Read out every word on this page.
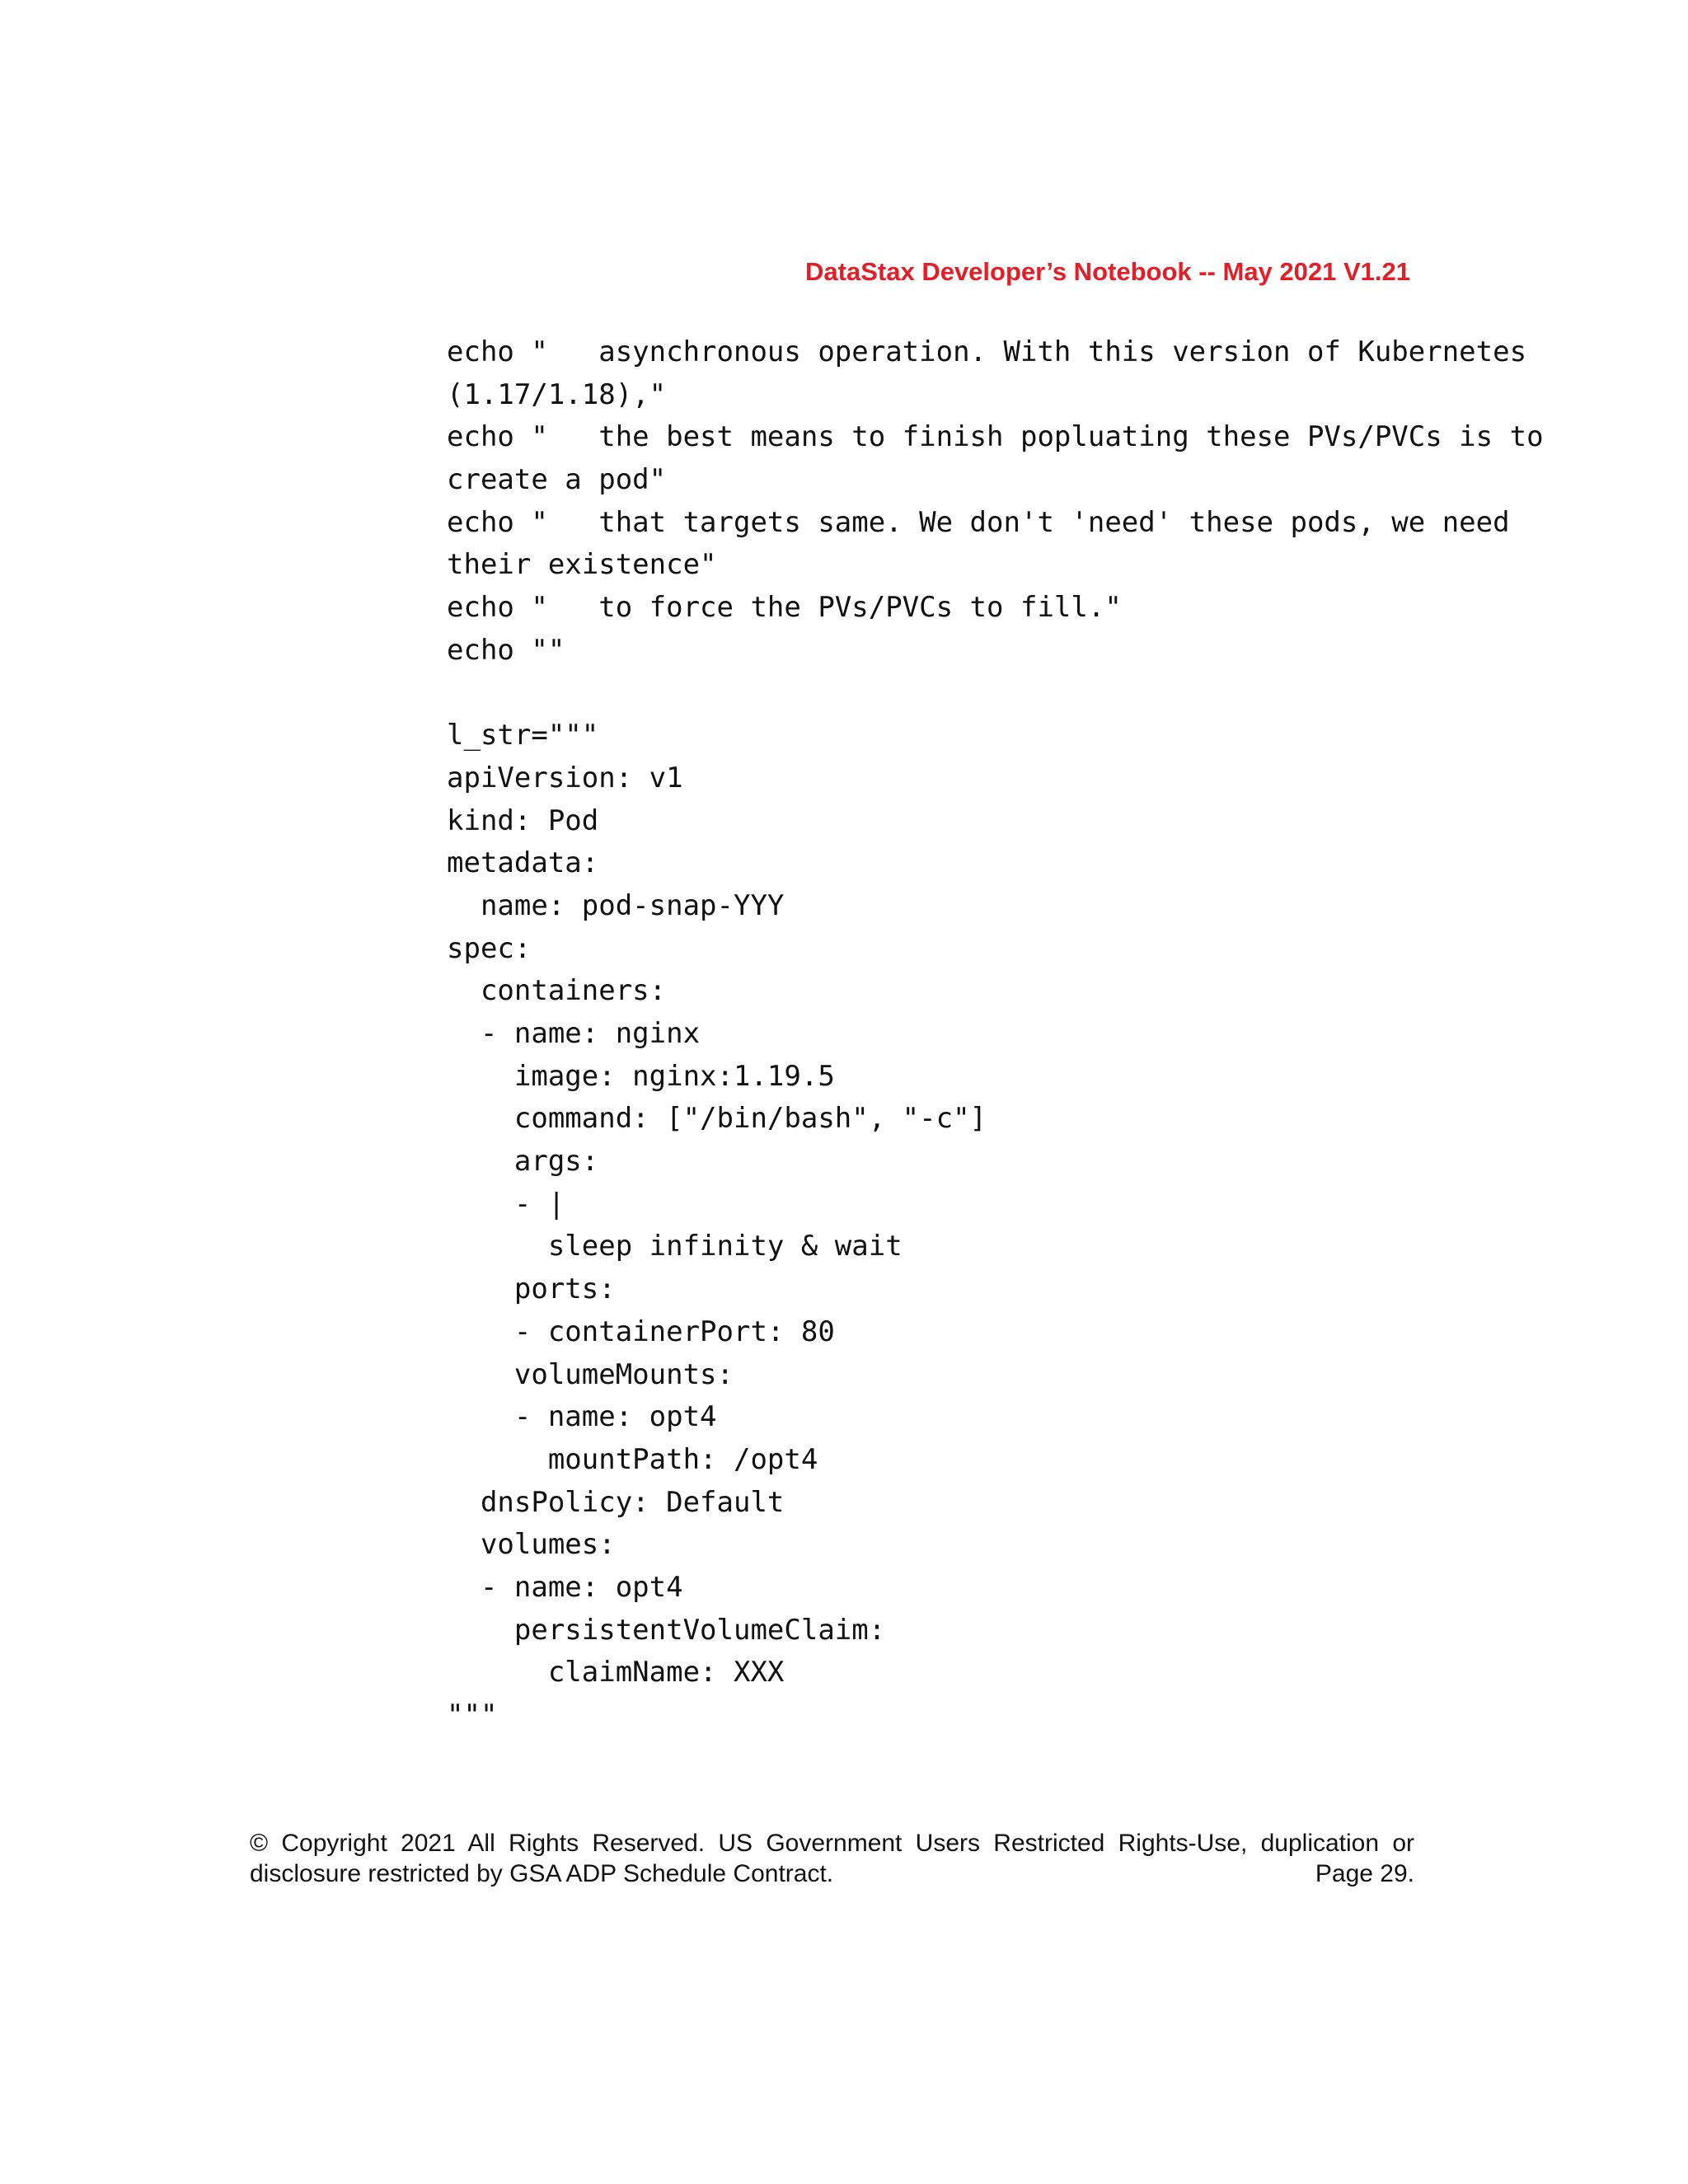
DataStax Developer’s Notebook -- May 2021 V1.21
echo "   asynchronous operation. With this version of Kubernetes
(1.17/1.18),"
echo "   the best means to finish popluating these PVs/PVCs is to
create a pod"
echo "   that targets same. We don't 'need' these pods, we need
their existence"
echo "   to force the PVs/PVCs to fill."
echo ""
l_str="""
apiVersion: v1
kind: Pod
metadata:
name: pod-snap-YYY
spec:
containers:
- name: nginx
image: nginx:1.19.5
command: ["/bin/bash", "-c"]
args:
- |
sleep infinity & wait
ports:
- containerPort: 80
volumeMounts:
- name: opt4
mountPath: /opt4
dnsPolicy: Default
volumes:
- name: opt4
persistentVolumeClaim:
claimName: XXX
"""
© Copyright 2021 All Rights Reserved. US Government Users Restricted Rights-Use, duplication or
disclosure restricted by GSA ADP Schedule Contract.	Page 29.
